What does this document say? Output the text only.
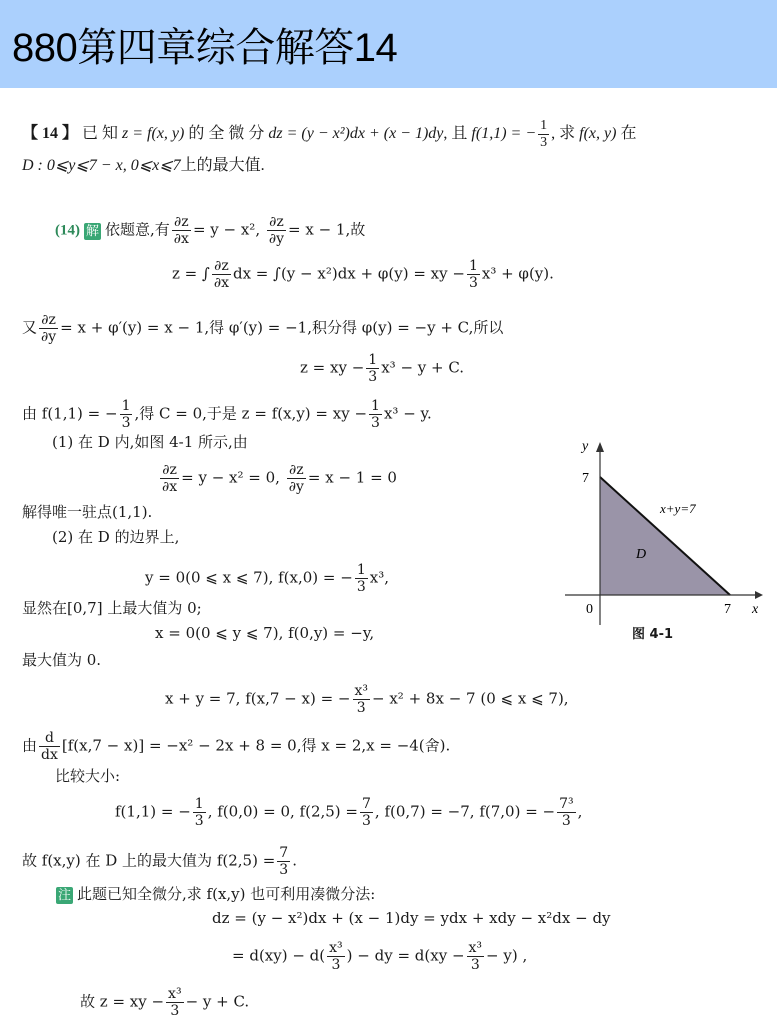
880第四章综合解答14
【 14 】 已 知 z = f(x, y) 的 全 微 分 dz = (y − x²)dx + (x − 1)dy, 且 f(1,1) = − $\frac{1}{3}$ , 求 f(x, y) 在
D : 0⩽y⩽7 − x, 0⩽x⩽7上的最大值.
(14) 解 依题意,有 $\frac{\partial z}{\partial x} = y - x^2$, $\frac{\partial z}{\partial y} = x - 1$,故
z = ∫ $\frac{\partial z}{\partial x}$ dx = ∫(y − x²)dx + φ(y) = xy − $\frac{1}{3} x^3 + \varphi(y)$.
又 $\frac{\partial z}{\partial y} = x + \varphi'(y) = x - 1$,得 φ′(y) = −1,积分得 φ(y) = −y + C,所以
z = xy − $\frac{1}{3} x^3 - y + C$.
由 f(1,1) = − $\frac{1}{3}$ ,得 C = 0,于是 z = f(x,y) = xy − $\frac{1}{3} x^3 - y$.
(1) 在 D 内,如图 4-1 所示,由
$\frac{\partial z}{\partial x} = y - x^2 = 0$, $\frac{\partial z}{\partial y} = x - 1 = 0$
解得唯一驻点(1,1).
(2) 在 D 的边界上,
y = 0(0 ⩽ x ⩽ 7), f(x,0) = − $\frac{1}{3} x^3$,
显然在[0,7] 上最大值为 0;
x = 0(0 ⩽ y ⩽ 7), f(0,y) = −y,
最大值为 0.
x + y = 7, f(x,7 − x) = − $\frac{\text{x³}}{3} - x^2 + 8x - 7$ (0 ⩽ x ⩽ 7),
由 $\frac{d}{dx} [f(x,7 - x)] = -x^2 - 2x + 8 = 0$,得 x = 2,x = −4(舍).
比较大小:
f(1,1) = − $\frac{1}{3}$ , f(0,0) = 0, $f(2,5) = \frac{7}{3}$ , f(0,7) = −7, f(7,0) = − $\frac{\text{7³}}{3}$ ,
故 f(x,y) 在 D 上的最大值为 $f(2,5) = \frac{7}{3}$ .
注 此题已知全微分,求 f(x,y) 也可利用凑微分法:
dz = (y − x²)dx + (x − 1)dy = ydx + xdy − x²dx − dy
= $d(xy) - d( \frac{\text{x³}}{3}$ ) − dy = $d(xy - \frac{\text{x³}}{3} - y)$ ,
故 z = xy − $\frac{\text{x³}}{3} - y + C$.
y
7
0	7 x
x+y=7
D
图 4-1
